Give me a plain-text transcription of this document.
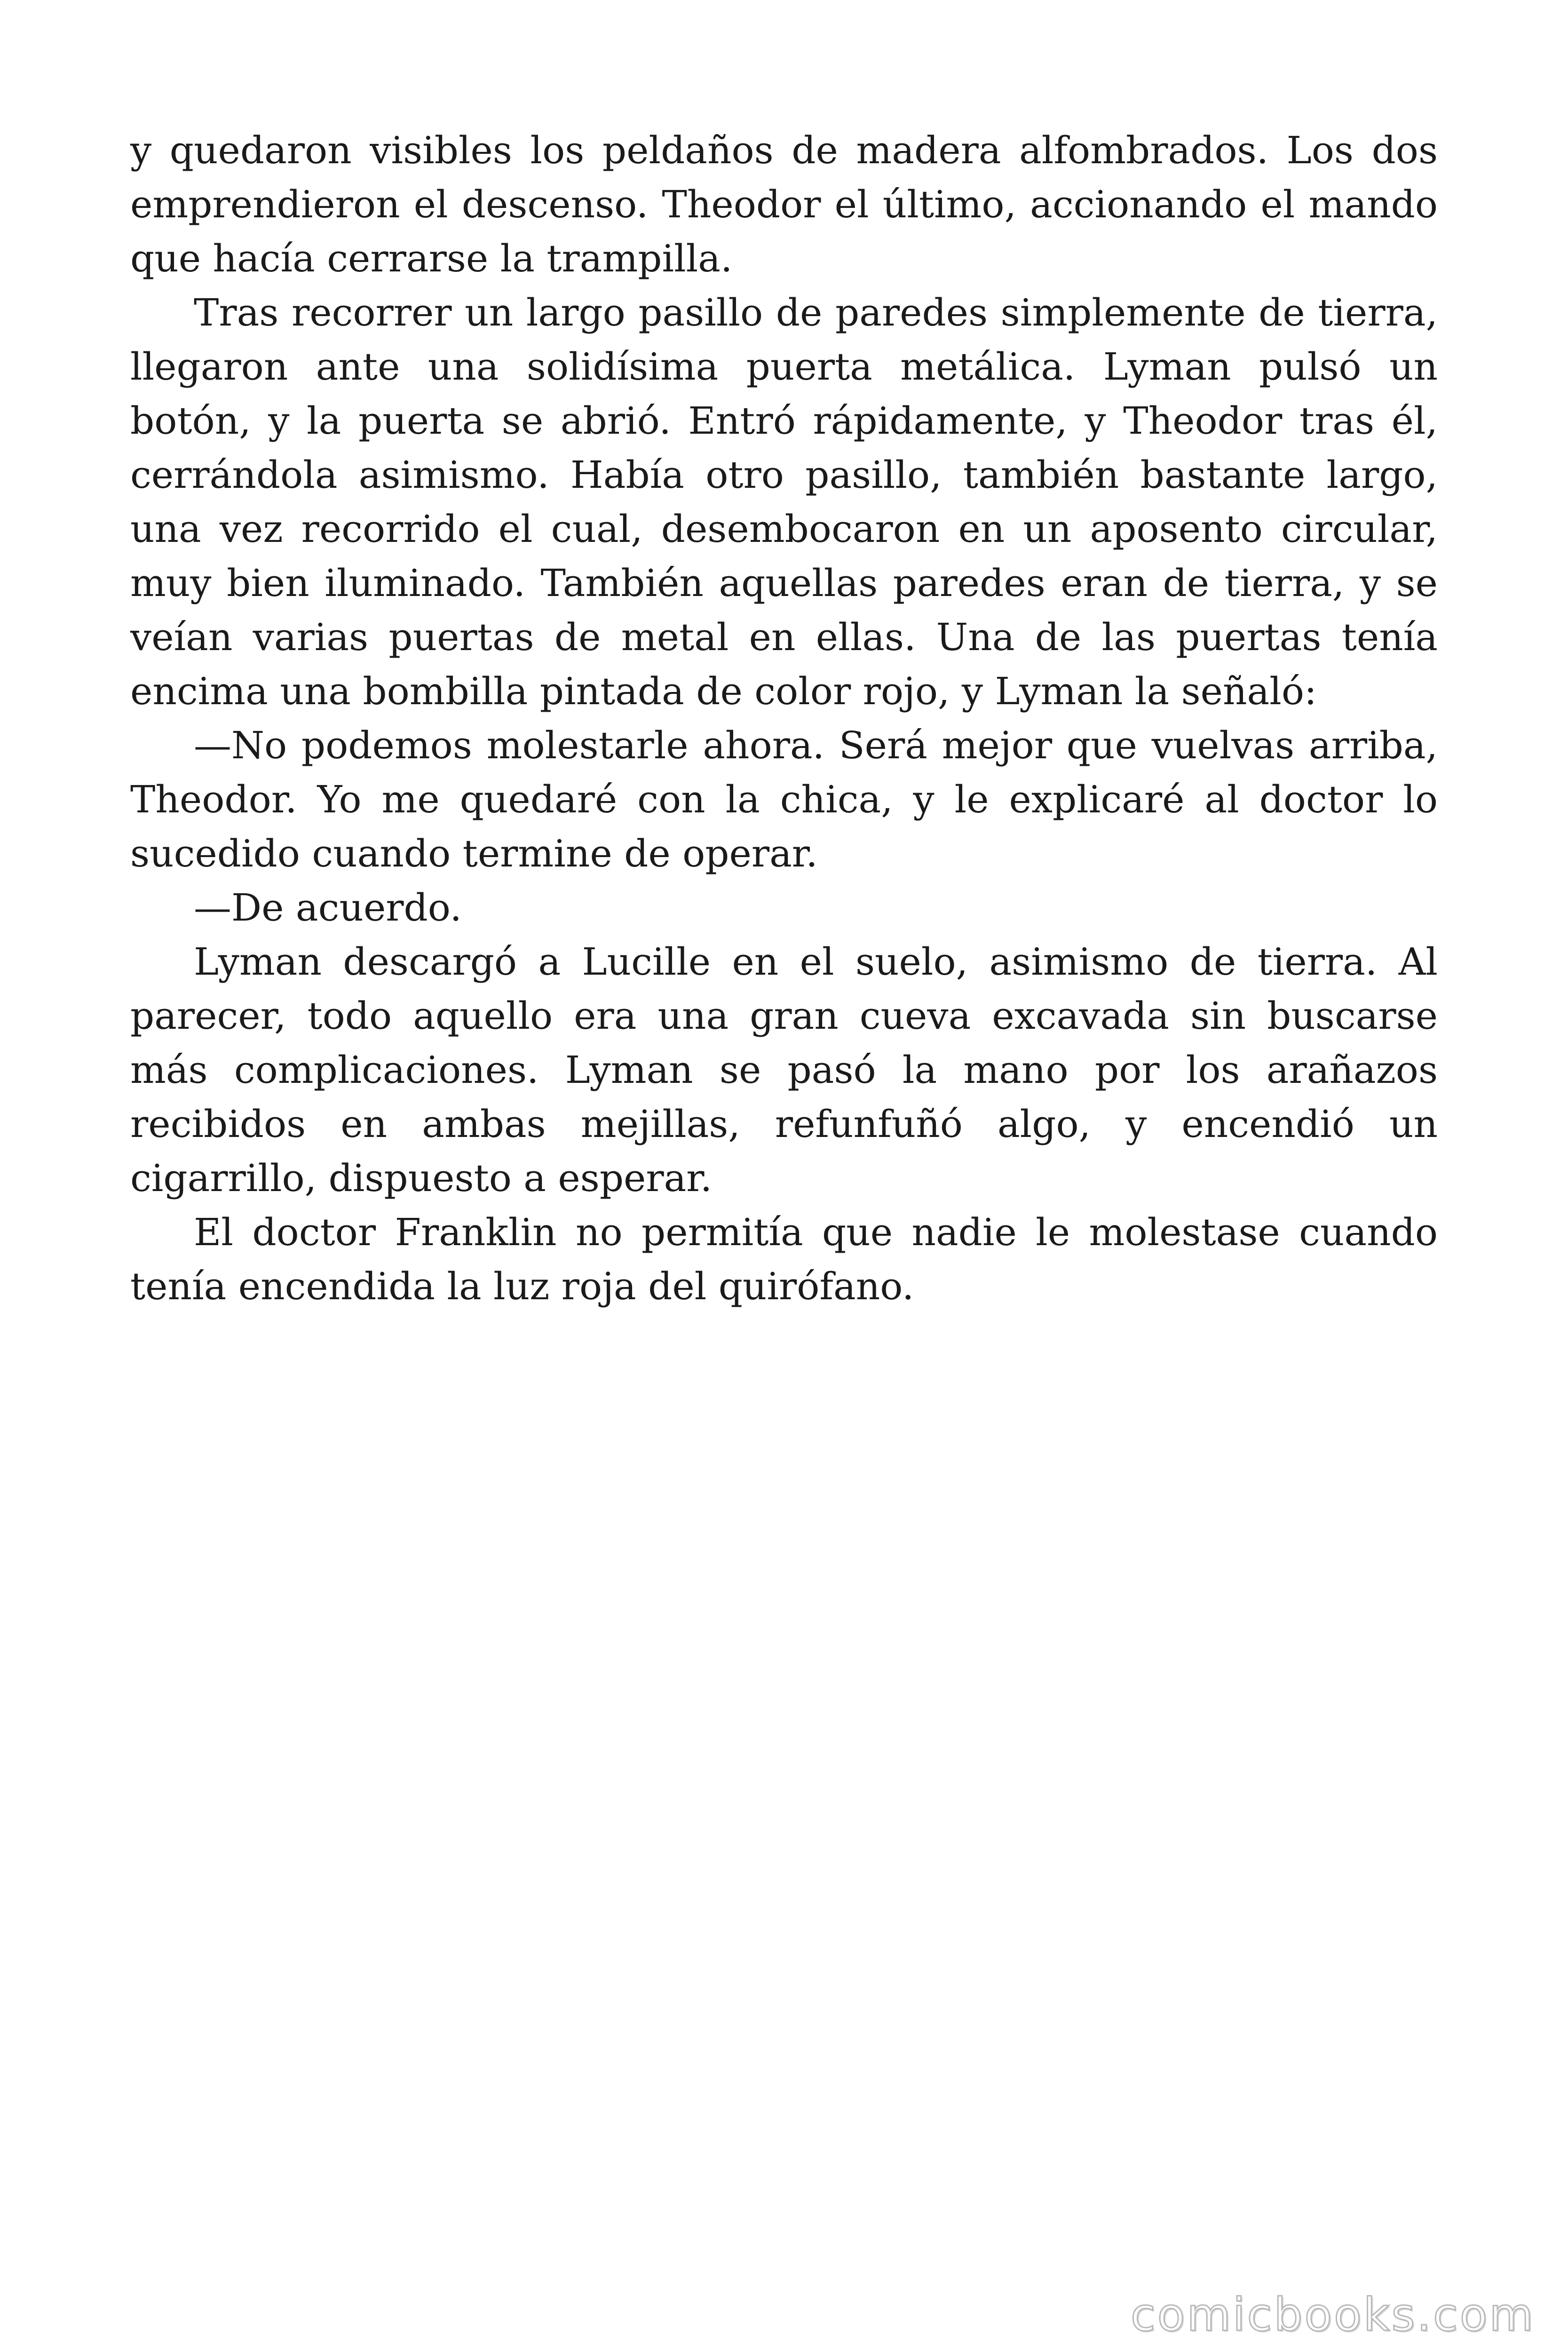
y quedaron visibles los peldaños de madera alfombrados. Los dos emprendieron el descenso. Theodor el último, accionando el mando que hacía cerrarse la trampilla.

Tras recorrer un largo pasillo de paredes simplemente de tierra, llegaron ante una solidísima puerta metálica. Lyman pulsó un botón, y la puerta se abrió. Entró rápidamente, y Theodor tras él, cerrándola asimismo. Había otro pasillo, también bastante largo, una vez recorrido el cual, desembocaron en un aposento circular, muy bien iluminado. También aquellas paredes eran de tierra, y se veían varias puertas de metal en ellas. Una de las puertas tenía encima una bombilla pintada de color rojo, y Lyman la señaló:

—No podemos molestarle ahora. Será mejor que vuelvas arriba, Theodor. Yo me quedaré con la chica, y le explicaré al doctor lo sucedido cuando termine de operar.

—De acuerdo.

Lyman descargó a Lucille en el suelo, asimismo de tierra. Al parecer, todo aquello era una gran cueva excavada sin buscarse más complicaciones. Lyman se pasó la mano por los arañazos recibidos en ambas mejillas, refunfuñó algo, y encendió un cigarrillo, dispuesto a esperar.

El doctor Franklin no permitía que nadie le molestase cuando tenía encendida la luz roja del quirófano.

comicbooks.com
